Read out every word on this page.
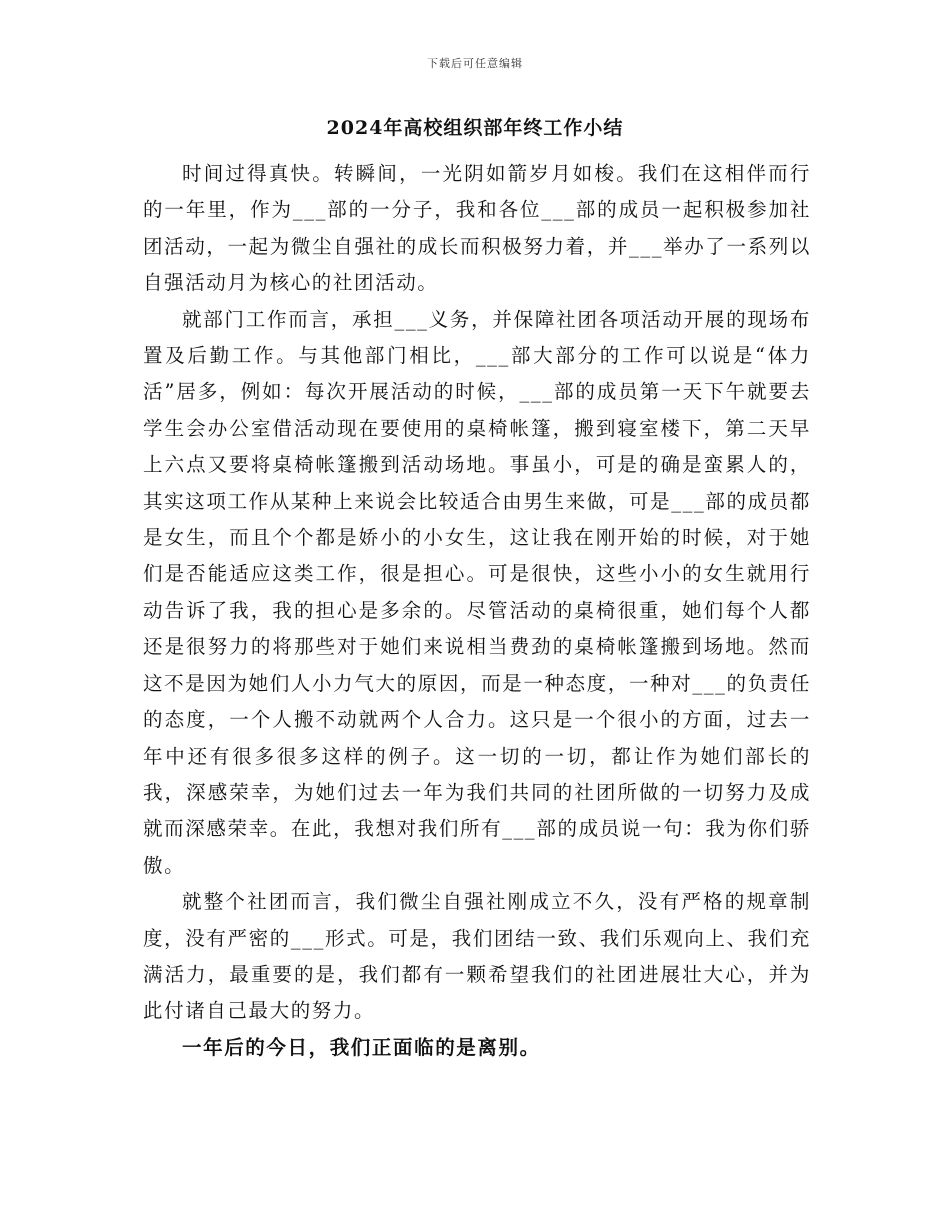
下载后可任意编辑
2024年高校组织部年终工作小结

时间过得真快。转瞬间，一光阴如箭岁月如梭。我们在这相伴而行的一年里，作为___部的一分子，我和各位___部的成员一起积极参加社团活动，一起为微尘自强社的成长而积极努力着，并___举办了一系列以自强活动月为核心的社团活动。

就部门工作而言，承担___义务，并保障社团各项活动开展的现场布置及后勤工作。与其他部门相比，___部大部分的工作可以说是“体力活”居多，例如：每次开展活动的时候，___部的成员第一天下午就要去学生会办公室借活动现在要使用的桌椅帐篷，搬到寝室楼下，第二天早上六点又要将桌椅帐篷搬到活动场地。事虽小，可是的确是蛮累人的，其实这项工作从某种上来说会比较适合由男生来做，可是___部的成员都是女生，而且个个都是娇小的小女生，这让我在刚开始的时候，对于她们是否能适应这类工作，很是担心。可是很快，这些小小的女生就用行动告诉了我，我的担心是多余的。尽管活动的桌椅很重，她们每个人都还是很努力的将那些对于她们来说相当费劲的桌椅帐篷搬到场地。然而这不是因为她们人小力气大的原因，而是一种态度，一种对___的负责任的态度，一个人搬不动就两个人合力。这只是一个很小的方面，过去一年中还有很多很多这样的例子。这一切的一切，都让作为她们部长的我，深感荣幸，为她们过去一年为我们共同的社团所做的一切努力及成就而深感荣幸。在此，我想对我们所有___部的成员说一句：我为你们骄傲。

就整个社团而言，我们微尘自强社刚成立不久，没有严格的规章制度，没有严密的___形式。可是，我们团结一致、我们乐观向上、我们充满活力，最重要的是，我们都有一颗希望我们的社团进展壮大心，并为此付诸自己最大的努力。

一年后的今日，我们正面临的是离别。
